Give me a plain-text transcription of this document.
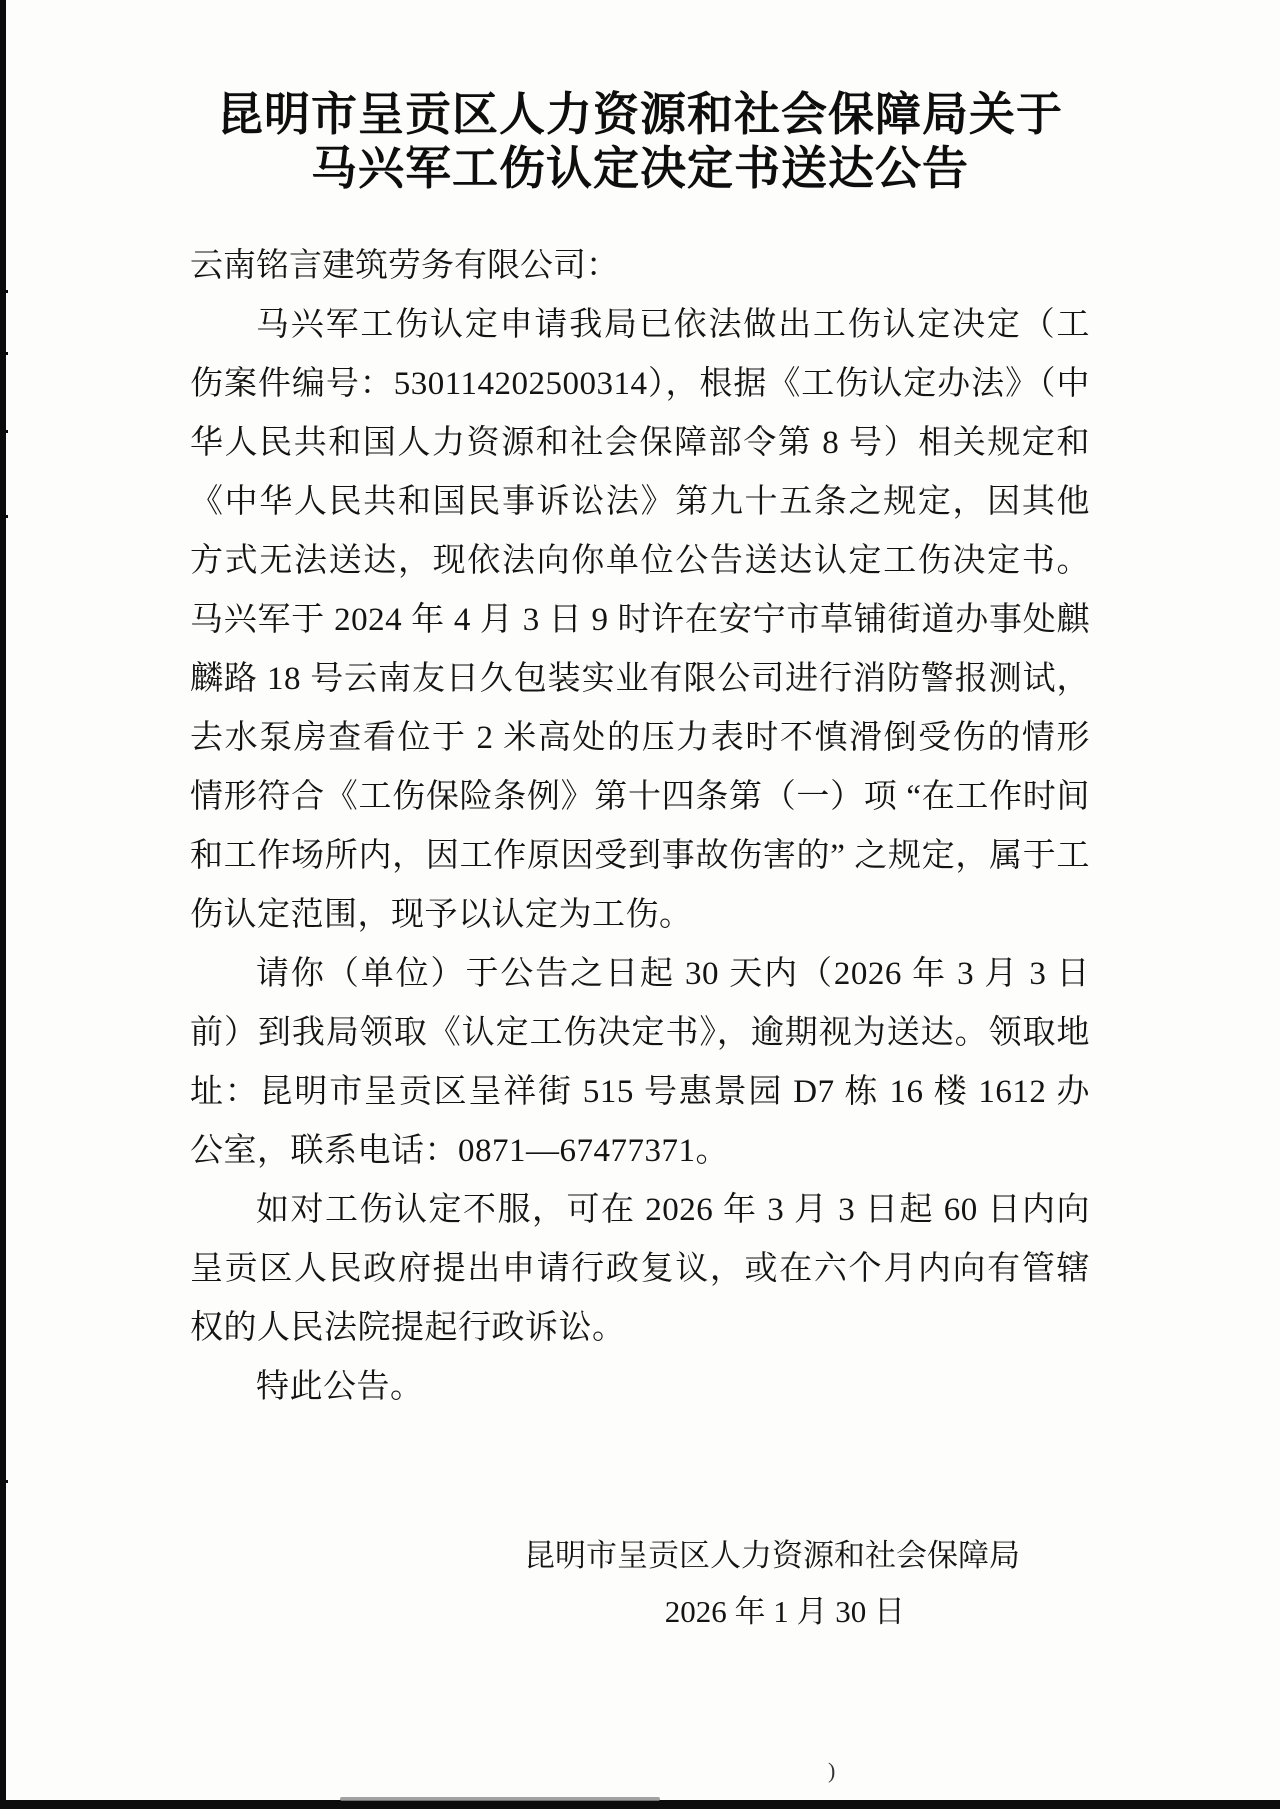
昆明市呈贡区人力资源和社会保障局关于
马兴军工伤认定决定书送达公告

云南铭言建筑劳务有限公司：

马兴军工伤认定申请我局已依法做出工伤认定决定（工伤案件编号：530114202500314），根据《工伤认定办法》（中华人民共和国人力资源和社会保障部令第 8 号）相关规定和《中华人民共和国民事诉讼法》第九十五条之规定，因其他方式无法送达，现依法向你单位公告送达认定工伤决定书。马兴军于 2024 年 4 月 3 日 9 时许在安宁市草铺街道办事处麒麟路 18 号云南友日久包装实业有限公司进行消防警报测试，去水泵房查看位于 2 米高处的压力表时不慎滑倒受伤的情形情形符合《工伤保险条例》第十四条第（一）项 “在工作时间和工作场所内，因工作原因受到事故伤害的” 之规定，属于工伤认定范围，现予以认定为工伤。

请你（单位）于公告之日起 30 天内（2026 年 3 月 3 日前）到我局领取《认定工伤决定书》，逾期视为送达。领取地址：昆明市呈贡区呈祥街 515 号惠景园 D7 栋 16 楼 1612 办公室，联系电话：0871—67477371。

如对工伤认定不服，可在 2026 年 3 月 3 日起 60 日内向呈贡区人民政府提出申请行政复议，或在六个月内向有管辖权的人民法院提起行政诉讼。

特此公告。

昆明市呈贡区人力资源和社会保障局
2026 年 1 月 30 日
)
